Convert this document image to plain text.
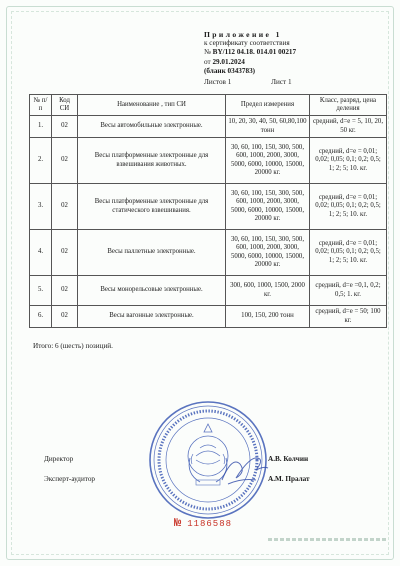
Приложение 1
к сертификату соответствия
№ BY/112 04.18. 014.01 00217
от 29.01.2024
(бланк 0343783)
Листов 1	Лист 1
№ п/п	Код СИ	Наименование , тип СИ	Предел измерения	Класс, разряд, цена деления
1.	02	Весы автомобильные электронные.	10, 20, 30, 40, 50, 60,80,100 тонн	средний, d=e = 5, 10, 20, 50 кг.
2.	02	Весы платформенные электронные для взвешивания животных.	30, 60, 100, 150, 300, 500, 600, 1000, 2000, 3000, 5000, 6000, 10000, 15000, 20000 кг.	средний, d=e = 0,01; 0,02; 0,05; 0,1; 0,2; 0,5; 1; 2; 5; 10. кг.
3.	02	Весы платформенные электронные для статического взвешивания.	30, 60, 100, 150, 300, 500, 600, 1000, 2000, 3000, 5000, 6000, 10000, 15000, 20000 кг.	средний, d=e = 0,01; 0,02; 0,05; 0,1; 0,2; 0,5; 1; 2; 5; 10. кг.
4.	02	Весы паллетные электронные.	30, 60, 100, 150, 300, 500, 600, 1000, 2000, 3000, 5000, 6000, 10000, 15000, 20000 кг.	средний, d=e = 0,01; 0,02; 0,05; 0,1; 0,2; 0,5; 1; 2; 5; 10. кг.
5.	02	Весы монорельсовые электронные.	300, 600, 1000, 1500, 2000 кг.	средний, d=e =0,1, 0,2; 0,5; 1. кг.
6.	02	Весы вагонные электронные.	100, 150, 200 тонн	средний, d=e = 50; 100 кг.
Итого: 6 (шесть) позиций.
Директор	А.В. Колчин
Эксперт-аудитор	А.М. Пралат
№ 1186588
